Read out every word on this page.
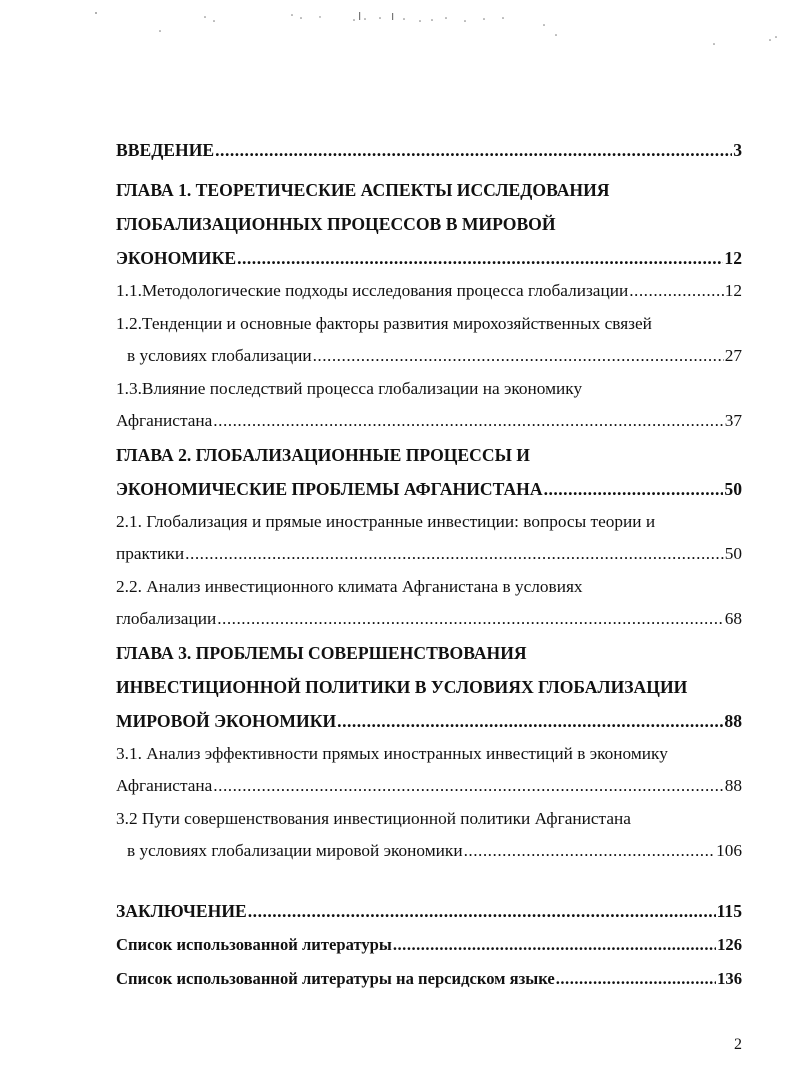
ВВЕДЕНИЕ .....	3
ГЛАВА 1. ТЕОРЕТИЧЕСКИЕ АСПЕКТЫ ИССЛЕДОВАНИЯ
ГЛОБАЛИЗАЦИОННЫХ ПРОЦЕССОВ В МИРОВОЙ
ЭКОНОМИКЕ .....	12
1.1.Методологические подходы исследования процесса глобализации .....	12
1.2.Тенденции и основные факторы развития мирохозяйственных связей
в условиях глобализации .....	27
1.3.Влияние последствий процесса глобализации на экономику
Афганистана .....	37
ГЛАВА 2. ГЛОБАЛИЗАЦИОННЫЕ ПРОЦЕССЫ И
ЭКОНОМИЧЕСКИЕ ПРОБЛЕМЫ АФГАНИСТАНА .....	50
2.1. Глобализация и прямые иностранные инвестиции: вопросы теории и
практики .....	50
2.2. Анализ инвестиционного климата Афганистана в условиях
глобализации .....	68
ГЛАВА 3. ПРОБЛЕМЫ СОВЕРШЕНСТВОВАНИЯ
ИНВЕСТИЦИОННОЙ ПОЛИТИКИ В УСЛОВИЯХ ГЛОБАЛИЗАЦИИ
МИРОВОЙ ЭКОНОМИКИ .....	88
3.1. Анализ эффективности прямых иностранных инвестиций в экономику
Афганистана .....	88
3.2 Пути совершенствования инвестиционной политики Афганистана
в условиях глобализации мировой экономики .....	106
ЗАКЛЮЧЕНИЕ .....	115
Список использованной литературы .....	126
Список использованной литературы на персидском языке .....	136
2
